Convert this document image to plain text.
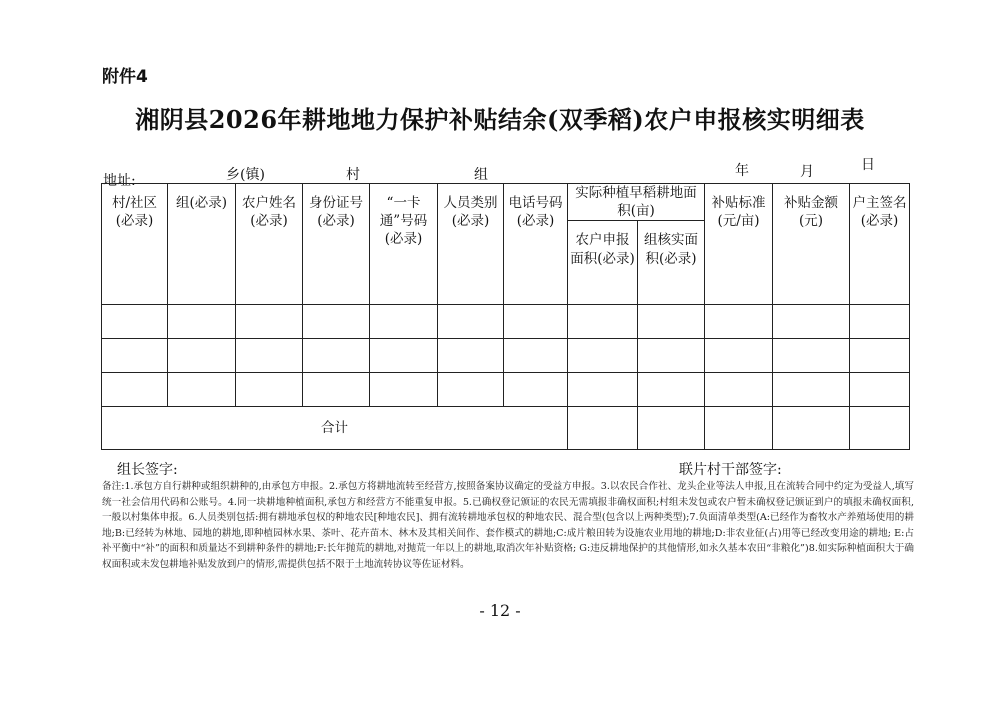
附件4
湘阴县2026年耕地地力保护补贴结余(双季稻)农户申报核实明细表
地址:	乡(镇)	村	组	年	月	日
村/社区(必录)	组(必录)	农户姓名(必录)	身份证号(必录)	“一卡通”号码(必录)	人员类别(必录)	电话号码(必录)	实际种植早稻耕地面积(亩)		补贴标准(元/亩)	补贴金额(元)	户主签名(必录)
							农户申报面积(必录)	组核实面积(必录)			

合计											
组长签字:	联片村干部签字:
备注:1.承包方自行耕种或组织耕种的,由承包方申报。2.承包方将耕地流转至经营方,按照备案协议确定的受益方申报。3.以农民合作社、龙头企业等法人申报,且在流转合同中约定为受益人,填写统一社会信用代码和公账号。4.同一块耕地种植面积,承包方和经营方不能重复申报。5.已确权登记颁证的农民无需填报非确权面积;村组未发包或农户暂未确权登记颁证到户的填报未确权面积,一般以村集体申报。6.人员类别包括:拥有耕地承包权的种地农民[种地农民]、拥有流转耕地承包权的种地农民、混合型(包含以上两种类型);7.负面清单类型(A:已经作为畜牧水产养殖场使用的耕地;B:已经转为林地、园地的耕地,即种植园林水果、茶叶、花卉苗木、林木及其相关间作、套作模式的耕地;C:成片粮田转为设施农业用地的耕地;D:非农业征(占)用等已经改变用途的耕地; E:占补平衡中“补”的面积和质量达不到耕种条件的耕地;F:长年抛荒的耕地,对抛荒一年以上的耕地,取消次年补贴资格; G:违反耕地保护的其他情形,如永久基本农田“非粮化”)8.如实际种植面积大于确权面积或未发包耕地补贴发放到户的情形,需提供包括不限于土地流转协议等佐证材料。
- 12 -
